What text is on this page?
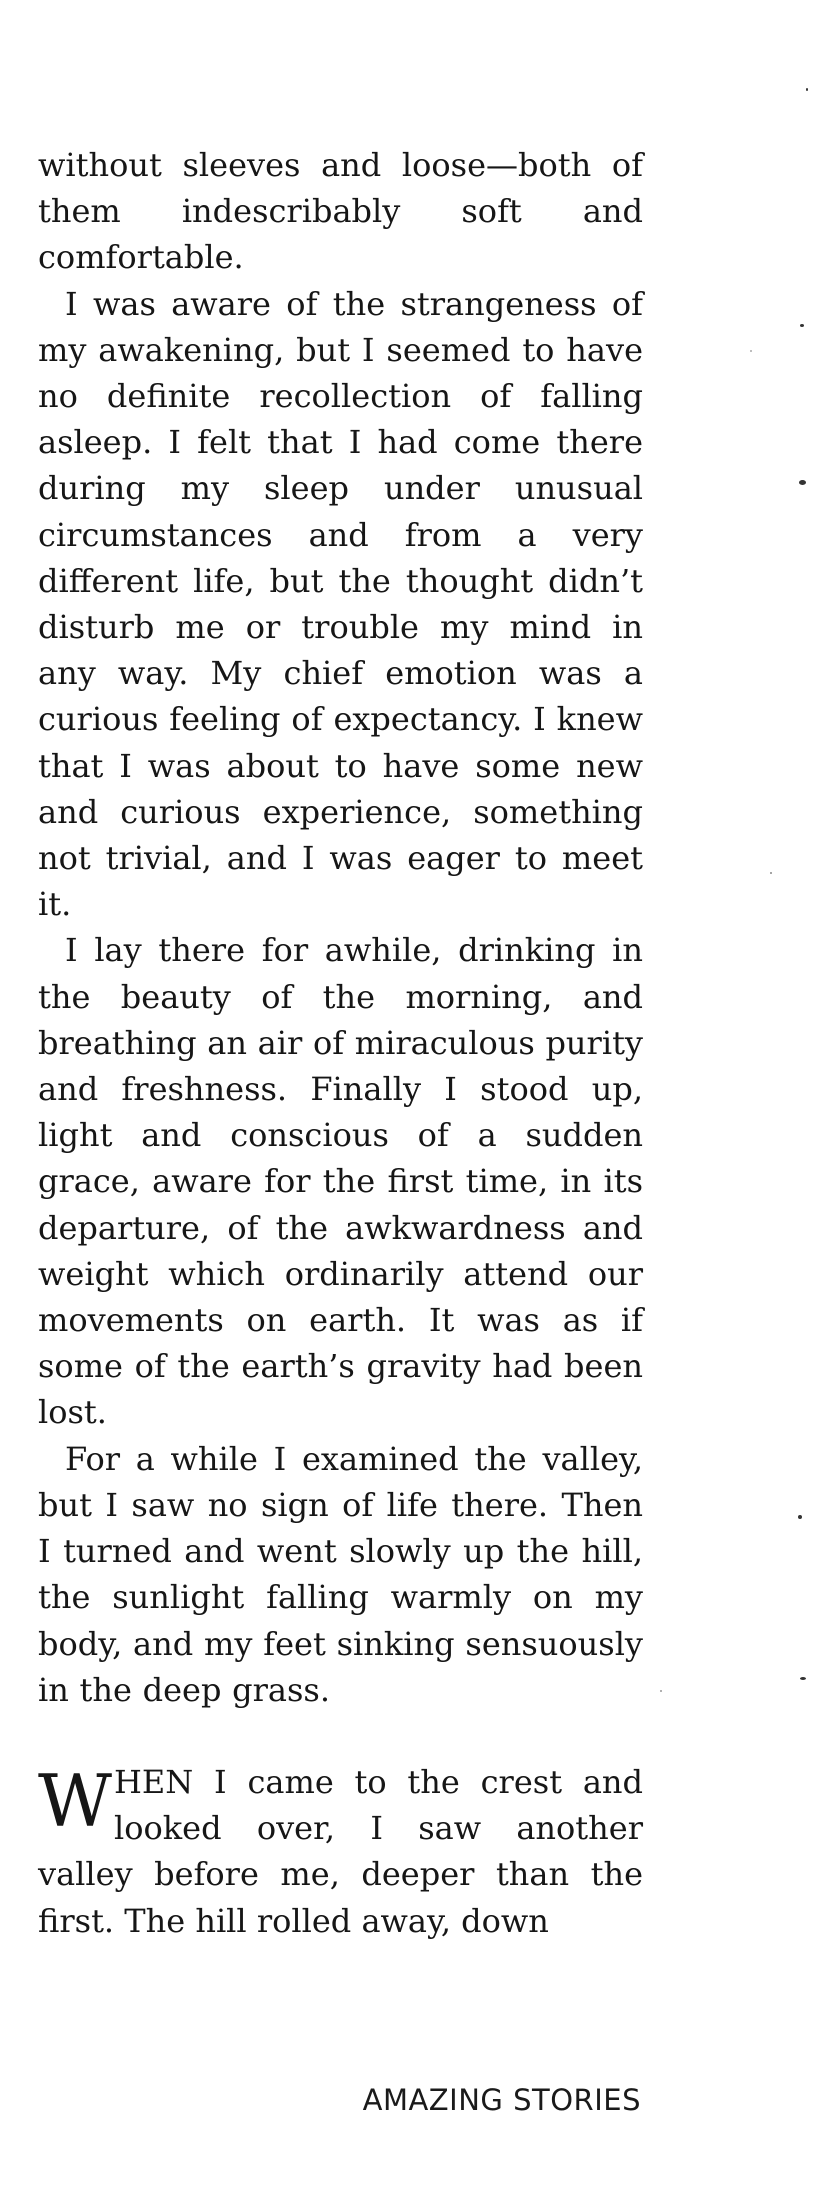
without sleeves and loose—both of them indescribably soft and comfortable.

I was aware of the strangeness of my awakening, but I seemed to have no definite recollection of falling asleep. I felt that I had come there during my sleep under unusual circumstances and from a very different life, but the thought didn’t disturb me or trouble my mind in any way. My chief emotion was a curious feeling of expectancy. I knew that I was about to have some new and curious experience, something not trivial, and I was eager to meet it.

I lay there for awhile, drinking in the beauty of the morning, and breathing an air of miraculous purity and freshness. Finally I stood up, light and conscious of a sudden grace, aware for the first time, in its departure, of the awkwardness and weight which ordinarily attend our movements on earth. It was as if some of the earth’s gravity had been lost.

For a while I examined the valley, but I saw no sign of life there. Then I turned and went slowly up the hill, the sunlight falling warmly on my body, and my feet sinking sensuously in the deep grass.

WHEN I came to the crest and looked over, I saw another valley before me, deeper than the first. The hill rolled away, down

AMAZING STORIES
